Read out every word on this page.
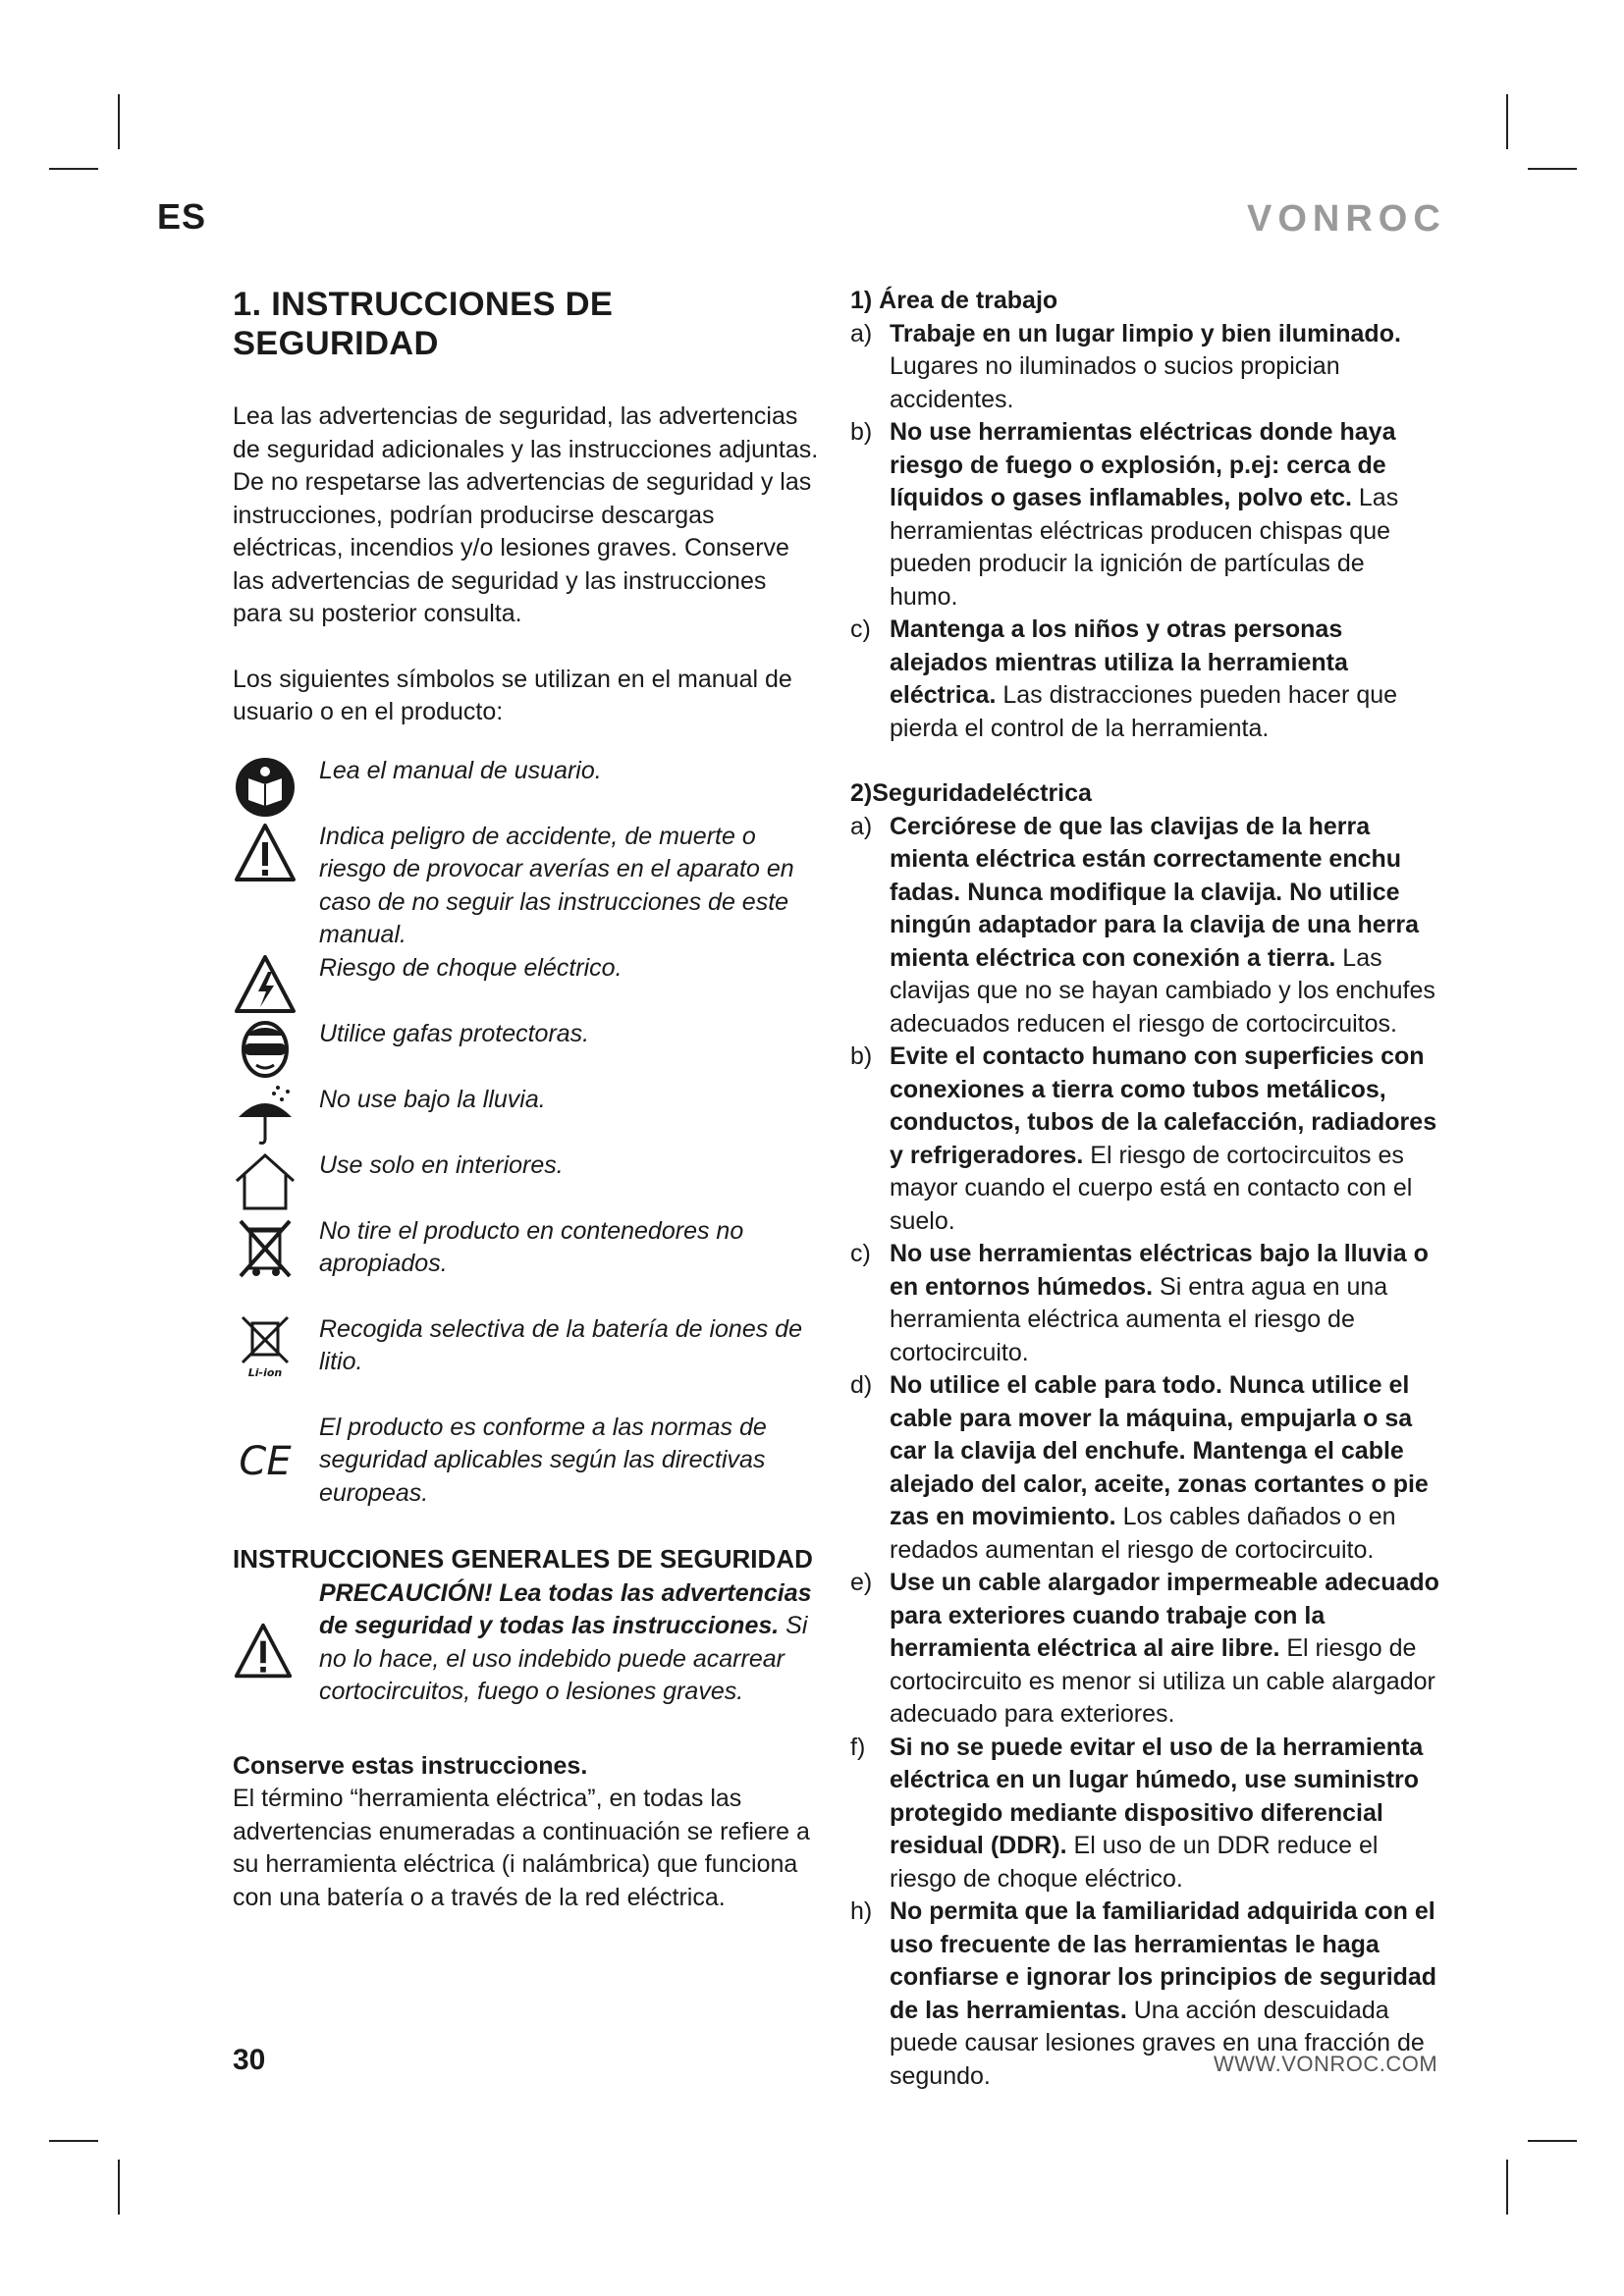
ES	VONROC
1. INSTRUCCIONES DE SEGURIDAD

Lea las advertencias de seguridad, las advertencias de seguridad adicionales y las instrucciones adjuntas. De no respetarse las advertencias de seguridad y las instrucciones, podrían producirse descargas eléctricas, incendios y/o lesiones graves. Conserve las advertencias de seguridad y las instrucciones para su posterior consulta.

Los siguientes símbolos se utilizan en el manual de usuario o en el producto:

Lea el manual de usuario.
Indica peligro de accidente, de muerte o riesgo de provocar averías en el aparato en caso de no seguir las instrucciones de este manual.
Riesgo de choque eléctrico.
Utilice gafas protectoras.
No use bajo la lluvia.
Use solo en interiores.
No tire el producto en contenedores no apropiados.
Li-ion
Recogida selectiva de la batería de iones de litio.
CE
El producto es conforme a las normas de seguridad aplicables según las directivas europeas.
INSTRUCCIONES GENERALES DE SEGURIDAD
PRECAUCIÓN! Lea todas las advertencias de seguridad y todas las instrucciones. Si no lo hace, el uso indebido puede acarrear cortocircuitos, fuego o lesiones graves.

Conserve estas instrucciones.

El término “herramienta eléctrica”, en todas las advertencias enumeradas a continuación se refiere a su herramienta eléctrica (i nalámbrica) que funciona con una batería o a través de la red eléctrica.

1) Área de trabajo

a) Trabaje en un lugar limpio y bien iluminado. Lugares no iluminados o sucios propician accidentes.
b) No use herramientas eléctricas donde haya riesgo de fuego o explosión, p.ej: cerca de líquidos o gases inflamables, polvo etc. Las herramientas eléctricas producen chispas que pueden producir la ignición de partículas de humo.
c) Mantenga a los niños y otras personas alejados mientras utiliza la herramienta eléctrica. Las distracciones pueden hacer que pierda el control de la herramienta.

2)Seguridadeléctrica

a) Cerciórese de que las clavijas de la herra mienta eléctrica están correctamente enchu fadas. Nunca modifique la clavija. No utilice ningún adaptador para la clavija de una herra mienta eléctrica con conexión a tierra. Las clavijas que no se hayan cambiado y los enchufes adecuados reducen el riesgo de cortocircuitos.
b) Evite el contacto humano con superficies con conexiones a tierra como tubos metálicos, conductos, tubos de la calefacción, radiadores y refrigeradores. El riesgo de cortocircuitos es mayor cuando el cuerpo está en contacto con el suelo.
c) No use herramientas eléctricas bajo la lluvia o en entornos húmedos. Si entra agua en una herramienta eléctrica aumenta el riesgo de cortocircuito.
d) No utilice el cable para todo. Nunca utilice el cable para mover la máquina, empujarla o sa car la clavija del enchufe. Mantenga el cable alejado del calor, aceite, zonas cortantes o pie zas en movimiento. Los cables dañados o en redados aumentan el riesgo de cortocircuito.
e) Use un cable alargador impermeable adecuado para exteriores cuando trabaje con la herramienta eléctrica al aire libre. El riesgo de cortocircuito es menor si utiliza un cable alargador adecuado para exteriores.
f) Si no se puede evitar el uso de la herramienta eléctrica en un lugar húmedo, use suministro protegido mediante dispositivo diferencial residual (DDR). El uso de un DDR reduce el riesgo de choque eléctrico.
h) No permita que la familiaridad adquirida con el uso frecuente de las herramientas le haga confiarse e ignorar los principios de seguridad de las herramientas. Una acción descuidada puede causar lesiones graves en una fracción de segundo.
30	WWW.VONROC.COM
